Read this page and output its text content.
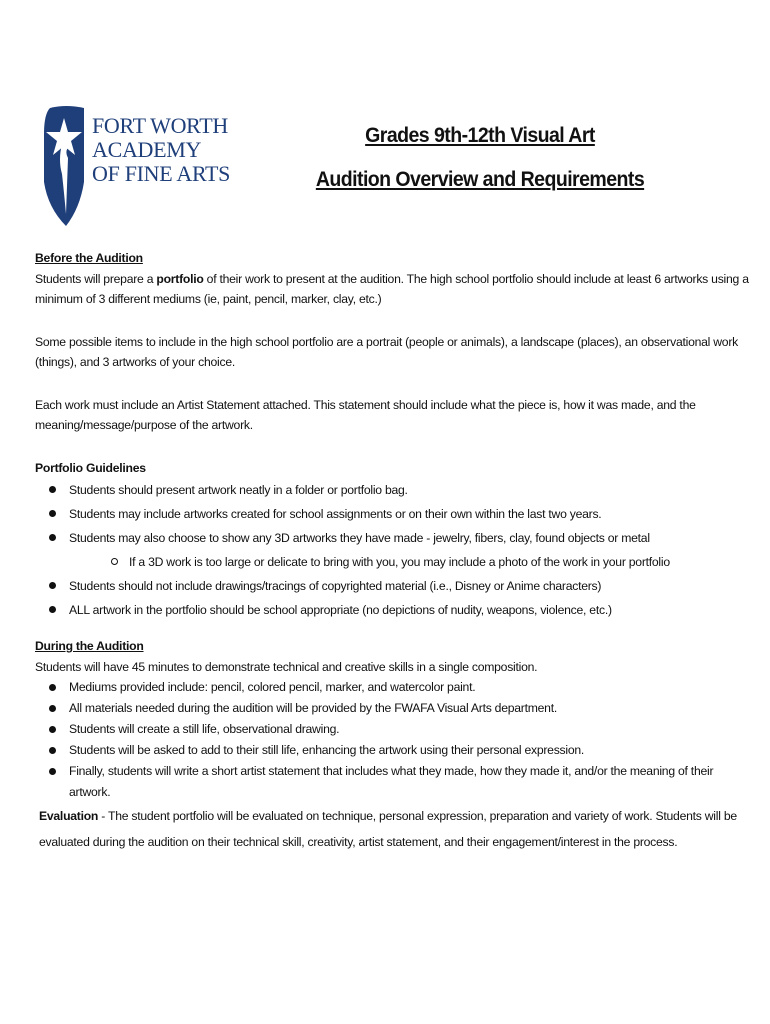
FORT WORTH
ACADEMY
OF FINE ARTS
Grades 9th-12th Visual Art
Audition Overview and Requirements
Before the Audition

Students will prepare a portfolio of their work to present at the audition. The high school portfolio should include at least 6 artworks using a minimum of 3 different mediums (ie, paint, pencil, marker, clay, etc.)

Some possible items to include in the high school portfolio are a portrait (people or animals), a landscape (places), an observational work (things), and 3 artworks of your choice.

Each work must include an Artist Statement attached. This statement should include what the piece is, how it was made, and the meaning/message/purpose of the artwork.

Portfolio Guidelines
Students should present artwork neatly in a folder or portfolio bag.
Students may include artworks created for school assignments or on their own within the last two years.
Students may also choose to show any 3D artworks they have made - jewelry, fibers, clay, found objects or metal
If a 3D work is too large or delicate to bring with you, you may include a photo of the work in your portfolio
Students should not include drawings/tracings of copyrighted material (i.e., Disney or Anime characters)
ALL artwork in the portfolio should be school appropriate (no depictions of nudity, weapons, violence, etc.)
During the Audition

Students will have 45 minutes to demonstrate technical and creative skills in a single composition.

Mediums provided include: pencil, colored pencil, marker, and watercolor paint.
All materials needed during the audition will be provided by the FWAFA Visual Arts department.
Students will create a still life, observational drawing.
Students will be asked to add to their still life, enhancing the artwork using their personal expression.
Finally, students will write a short artist statement that includes what they made, how they made it, and/or the meaning of their artwork.

Evaluation - The student portfolio will be evaluated on technique, personal expression, preparation and variety of work. Students will be evaluated during the audition on their technical skill, creativity, artist statement, and their engagement/interest in the process.
